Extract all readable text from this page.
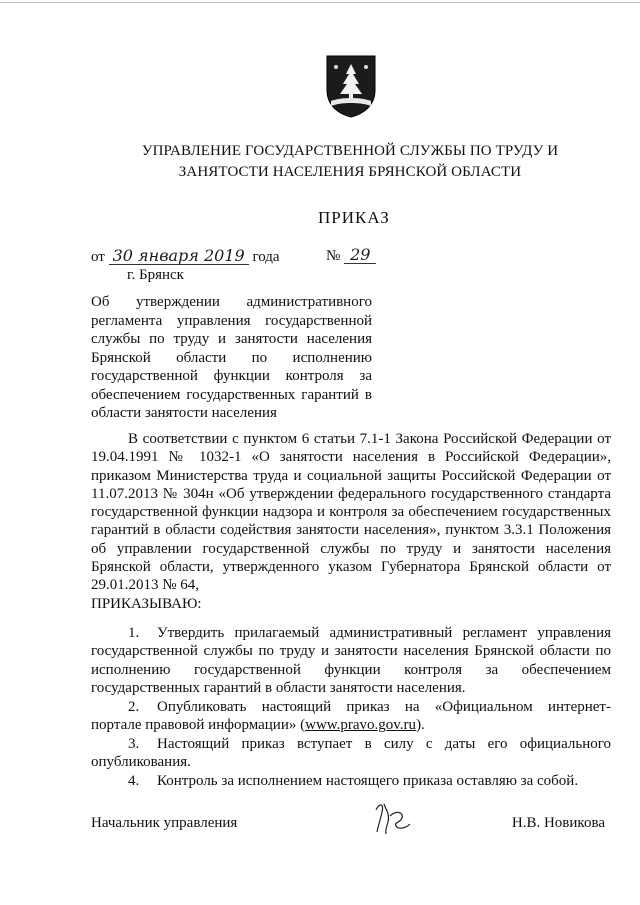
УПРАВЛЕНИЕ ГОСУДАРСТВЕННОЙ СЛУЖБЫ ПО ТРУДУ И
ЗАНЯТОСТИ НАСЕЛЕНИЯ БРЯНСКОЙ ОБЛАСТИ
ПРИКАЗ
от 30 января 2019 года	№ 29
г. Брянск
Об утверждении административного
регламента управления государственной
службы по труду и занятости населения
Брянской области по исполнению
государственной функции контроля за
обеспечением государственных гарантий в
области занятости населения
В соответствии с пунктом 6 статьи 7.1-1 Закона Российской Федерации от
19.04.1991 № 1032-1 «О занятости населения в Российской Федерации»,
приказом Министерства труда и социальной защиты Российской Федерации от
11.07.2013 № 304н «Об утверждении федерального государственного стандарта
государственной функции надзора и контроля за обеспечением государственных
гарантий в области содействия занятости населения», пунктом 3.3.1 Положения
об управлении государственной службы по труду и занятости населения
Брянской области, утвержденного указом Губернатора Брянской области от
29.01.2013 № 64,
ПРИКАЗЫВАЮ:
1. Утвердить прилагаемый административный регламент управления
государственной службы по труду и занятости населения Брянской области по
исполнению государственной функции контроля за обеспечением
государственных гарантий в области занятости населения.
2. Опубликовать настоящий приказ на «Официальном интернет-
портале правовой информации» (www.pravo.gov.ru).
3. Настоящий приказ вступает в силу с даты его официального
опубликования.
4. Контроль за исполнением настоящего приказа оставляю за собой.
Начальник управления	Н.В. Новикова
